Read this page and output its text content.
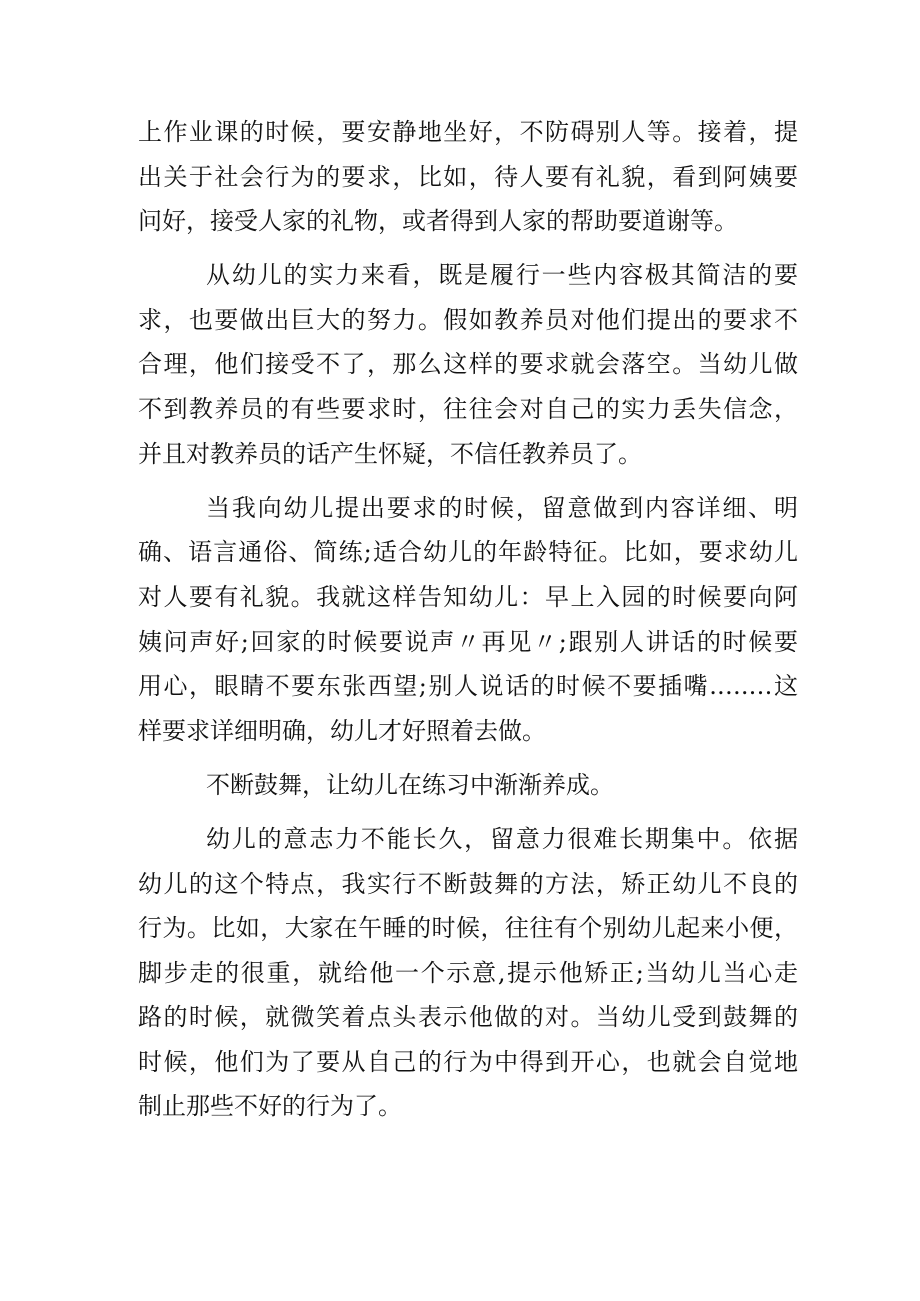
上作业课的时候，要安静地坐好，不防碍别人等。接着，提
出关于社会行为的要求，比如，待人要有礼貌，看到阿姨要
问好，接受人家的礼物，或者得到人家的帮助要道谢等。
从幼儿的实力来看，既是履行一些内容极其简洁的要
求，也要做出巨大的努力。假如教养员对他们提出的要求不
合理，他们接受不了，那么这样的要求就会落空。当幼儿做
不到教养员的有些要求时，往往会对自己的实力丢失信念，
并且对教养员的话产生怀疑，不信任教养员了。
当我向幼儿提出要求的时候，留意做到内容详细、明
确、语言通俗、简练;适合幼儿的年龄特征。比如，要求幼儿
对人要有礼貌。我就这样告知幼儿：早上入园的时候要向阿
姨问声好;回家的时候要说声〃再见〃;跟别人讲话的时候要
用心，眼睛不要东张西望;别人说话的时候不要插嘴.….…这
样要求详细明确，幼儿才好照着去做。
不断鼓舞，让幼儿在练习中渐渐养成。
幼儿的意志力不能长久，留意力很难长期集中。依据
幼儿的这个特点，我实行不断鼓舞的方法，矫正幼儿不良的
行为。比如，大家在午睡的时候，往往有个别幼儿起来小便，
脚步走的很重，就给他一个示意,提示他矫正;当幼儿当心走
路的时候，就微笑着点头表示他做的对。当幼儿受到鼓舞的
时候，他们为了要从自己的行为中得到开心，也就会自觉地
制止那些不好的行为了。
